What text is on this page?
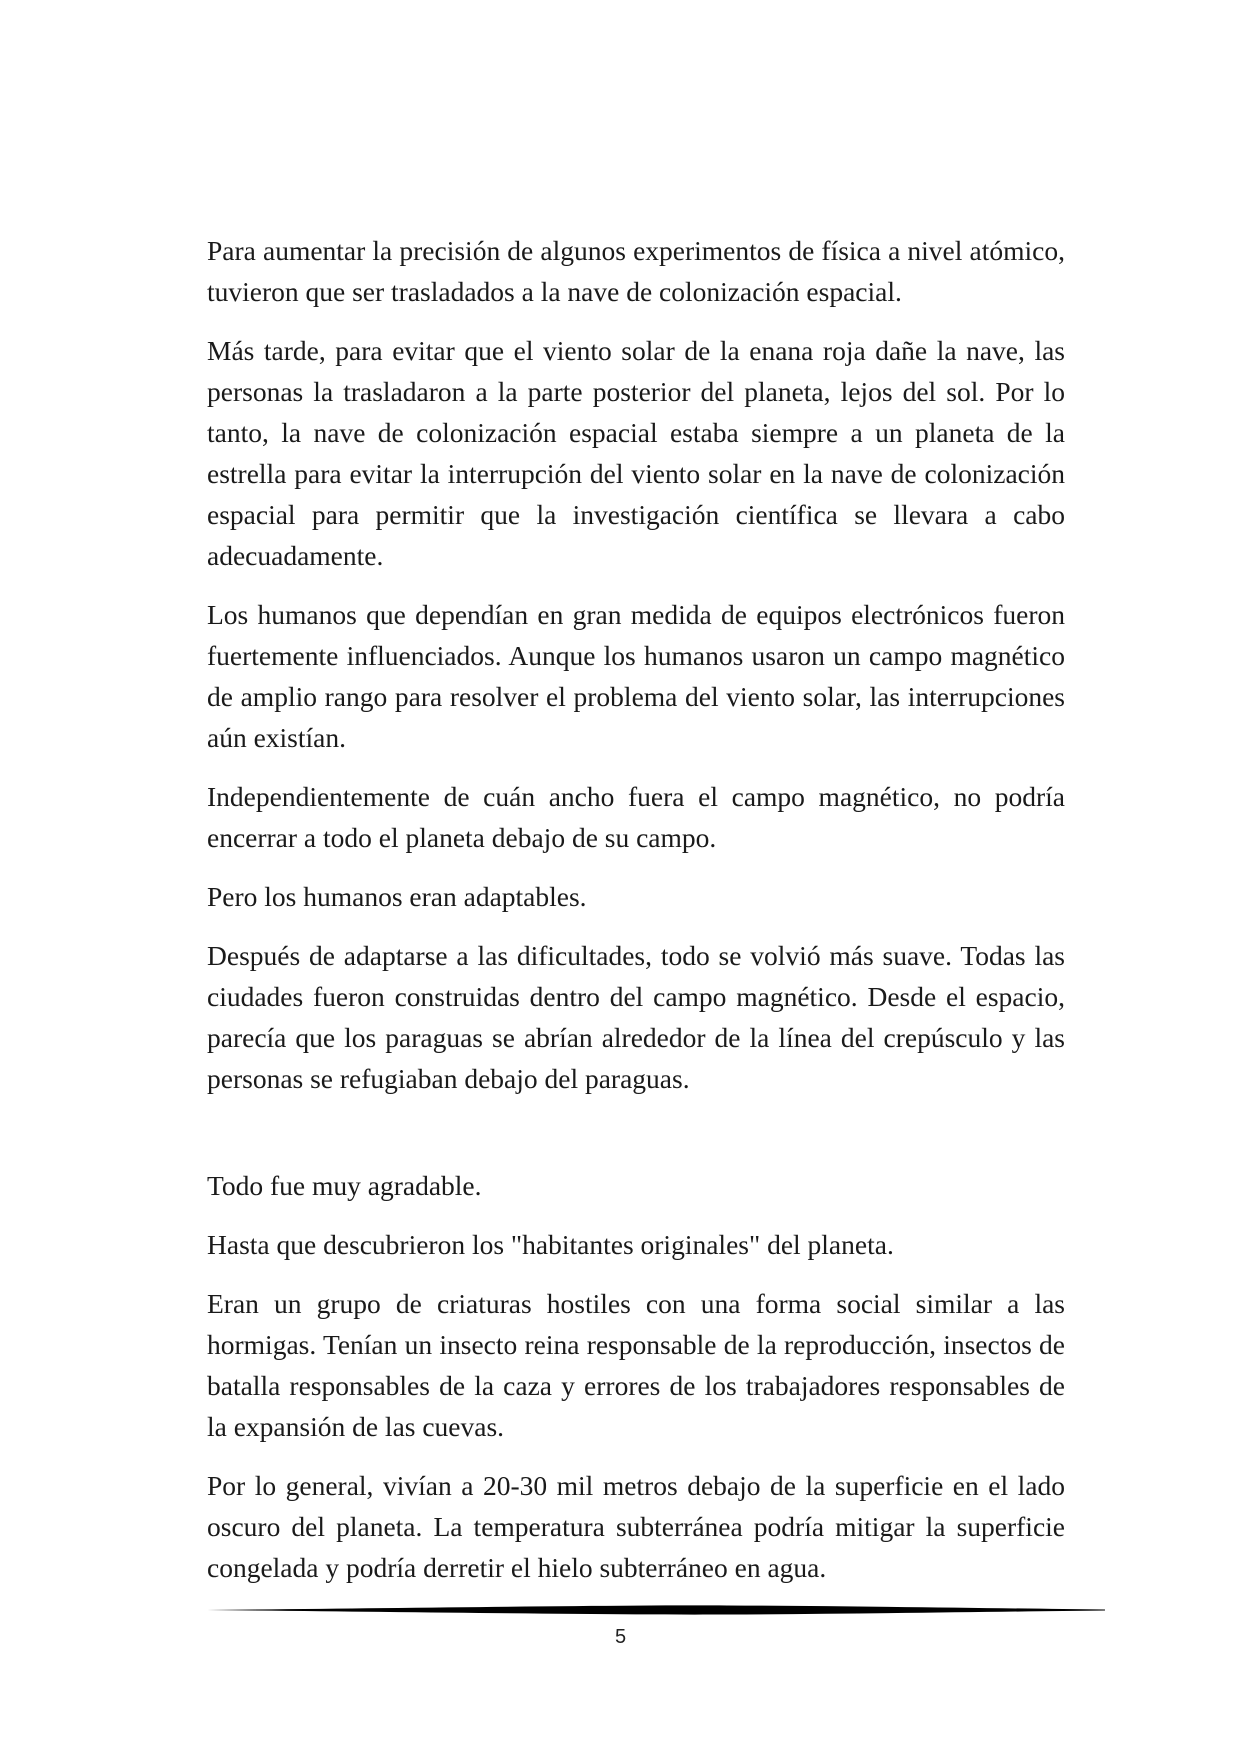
Para aumentar la precisión de algunos experimentos de física a nivel atómico, tuvieron que ser trasladados a la nave de colonización espacial.

Más tarde, para evitar que el viento solar de la enana roja dañe la nave, las personas la trasladaron a la parte posterior del planeta, lejos del sol. Por lo tanto, la nave de colonización espacial estaba siempre a un planeta de la estrella para evitar la interrupción del viento solar en la nave de colonización espacial para permitir que la investigación científica se llevara a cabo adecuadamente.

Los humanos que dependían en gran medida de equipos electrónicos fueron fuertemente influenciados. Aunque los humanos usaron un campo magnético de amplio rango para resolver el problema del viento solar, las interrupciones aún existían.

Independientemente de cuán ancho fuera el campo magnético, no podría encerrar a todo el planeta debajo de su campo.

Pero los humanos eran adaptables.

Después de adaptarse a las dificultades, todo se volvió más suave. Todas las ciudades fueron construidas dentro del campo magnético. Desde el espacio, parecía que los paraguas se abrían alrededor de la línea del crepúsculo y las personas se refugiaban debajo del paraguas.

Todo fue muy agradable.

Hasta que descubrieron los "habitantes originales" del planeta.

Eran un grupo de criaturas hostiles con una forma social similar a las hormigas. Tenían un insecto reina responsable de la reproducción, insectos de batalla responsables de la caza y errores de los trabajadores responsables de la expansión de las cuevas.

Por lo general, vivían a 20-30 mil metros debajo de la superficie en el lado oscuro del planeta. La temperatura subterránea podría mitigar la superficie congelada y podría derretir el hielo subterráneo en agua.

5
